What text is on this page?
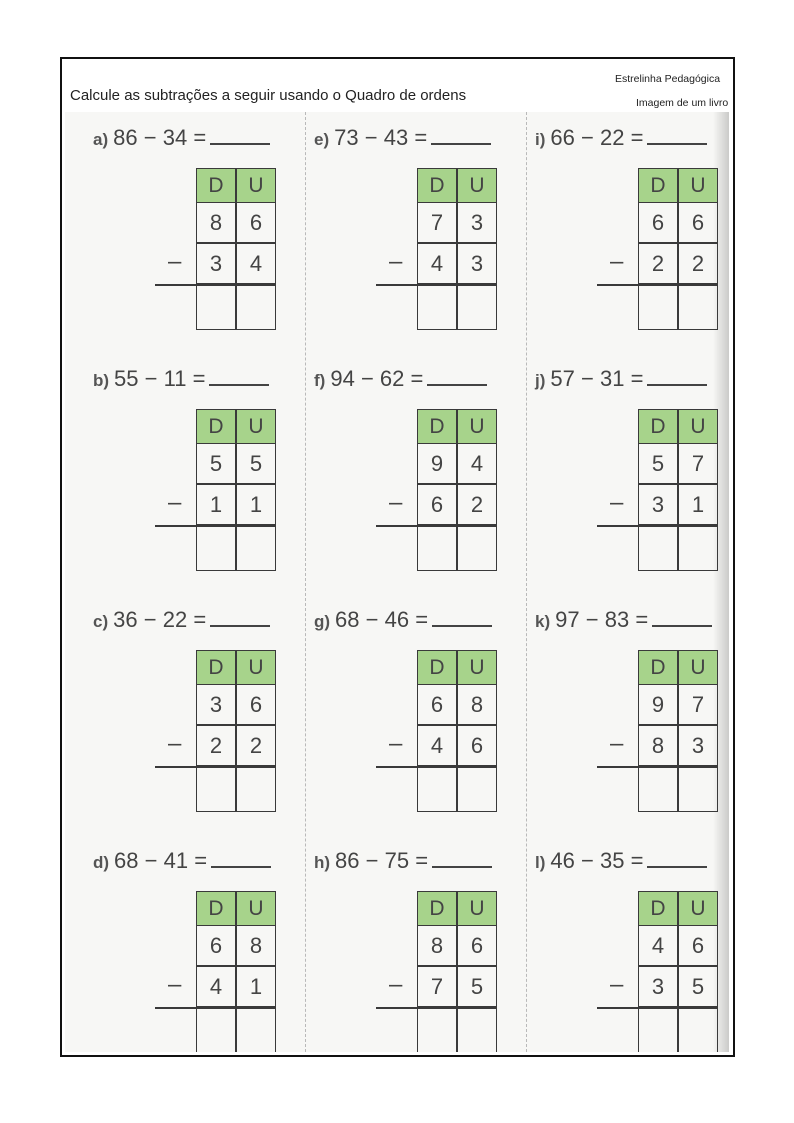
Calcule as subtrações a seguir usando o Quadro de ordens
Estrelinha Pedagógica
Imagem de um livro
a) 86 − 34 =
D	U
8	6
3	4
–
e) 73 − 43 =
D	U
7	3
4	3
–
i) 66 − 22 =
D	U
6	6
2	2
–
b) 55 − 11 =
D	U
5	5
1	1
–
f) 94 − 62 =
D	U
9	4
6	2
–
j) 57 − 31 =
D	U
5	7
3	1
–
c) 36 − 22 =
D	U
3	6
2	2
–
g) 68 − 46 =
D	U
6	8
4	6
–
k) 97 − 83 =
D	U
9	7
8	3
–
d) 68 − 41 =
D	U
6	8
4	1
–
h) 86 − 75 =
D	U
8	6
7	5
–
l) 46 − 35 =
D	U
4	6
3	5
–
